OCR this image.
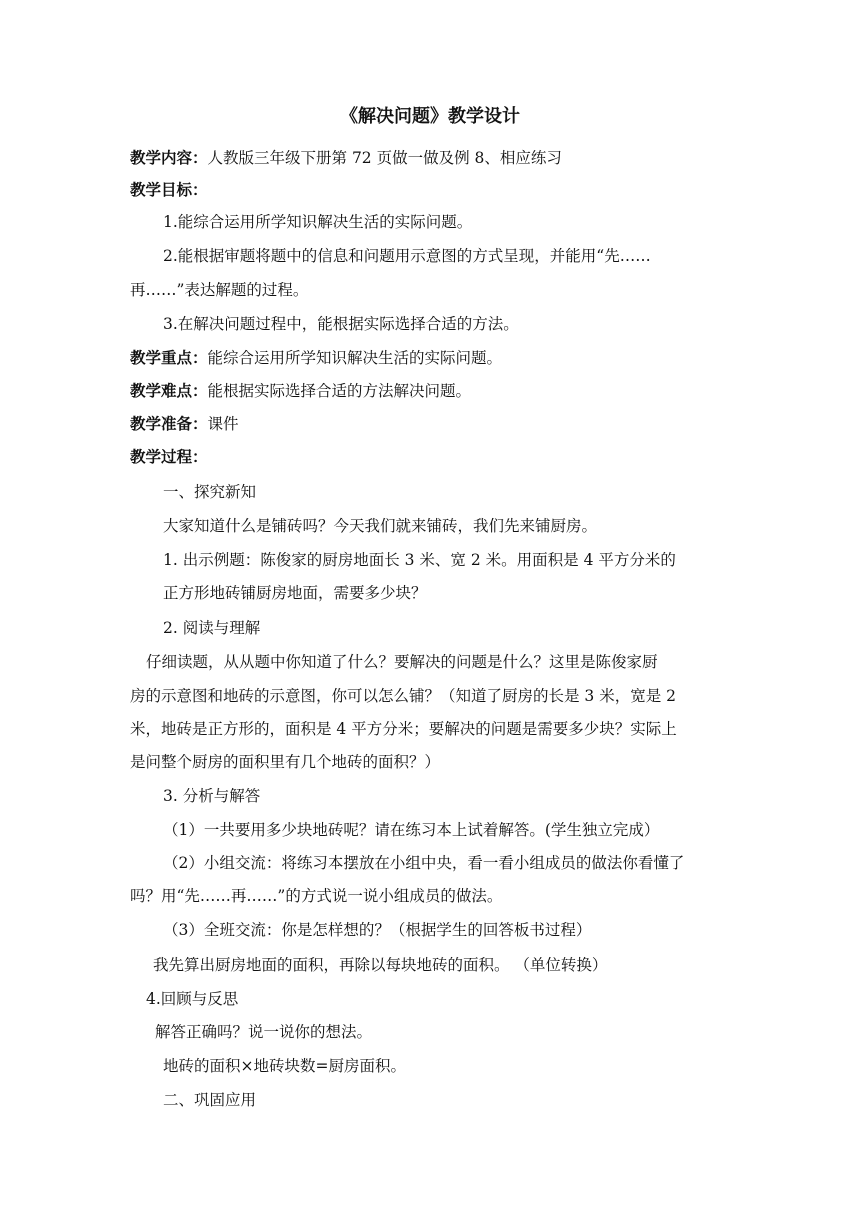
《解决问题》教学设计
教学内容：人教版三年级下册第 72 页做一做及例 8、相应练习
教学目标：
1.能综合运用所学知识解决生活的实际问题。
2.能根据审题将题中的信息和问题用示意图的方式呈现，并能用“先……
再……”表达解题的过程。
3.在解决问题过程中，能根据实际选择合适的方法。
教学重点：能综合运用所学知识解决生活的实际问题。
教学难点：能根据实际选择合适的方法解决问题。
教学准备：课件
教学过程：
一、探究新知
大家知道什么是铺砖吗？今天我们就来铺砖，我们先来铺厨房。
1. 出示例题：陈俊家的厨房地面长 3 米、宽 2 米。用面积是 4 平方分米的
正方形地砖铺厨房地面，需要多少块？
2. 阅读与理解
仔细读题，从从题中你知道了什么？要解决的问题是什么？这里是陈俊家厨
房的示意图和地砖的示意图，你可以怎么铺？（知道了厨房的长是 3 米，宽是 2
米，地砖是正方形的，面积是 4 平方分米；要解决的问题是需要多少块？实际上
是问整个厨房的面积里有几个地砖的面积？）
3. 分析与解答
（1）一共要用多少块地砖呢？请在练习本上试着解答。(学生独立完成）
（2）小组交流：将练习本摆放在小组中央，看一看小组成员的做法你看懂了
吗？用“先……再……”的方式说一说小组成员的做法。
（3）全班交流：你是怎样想的？（根据学生的回答板书过程）
我先算出厨房地面的面积，再除以每块地砖的面积。 （单位转换）
4.回顾与反思
解答正确吗？说一说你的想法。
地砖的面积×地砖块数=厨房面积。
二、巩固应用
